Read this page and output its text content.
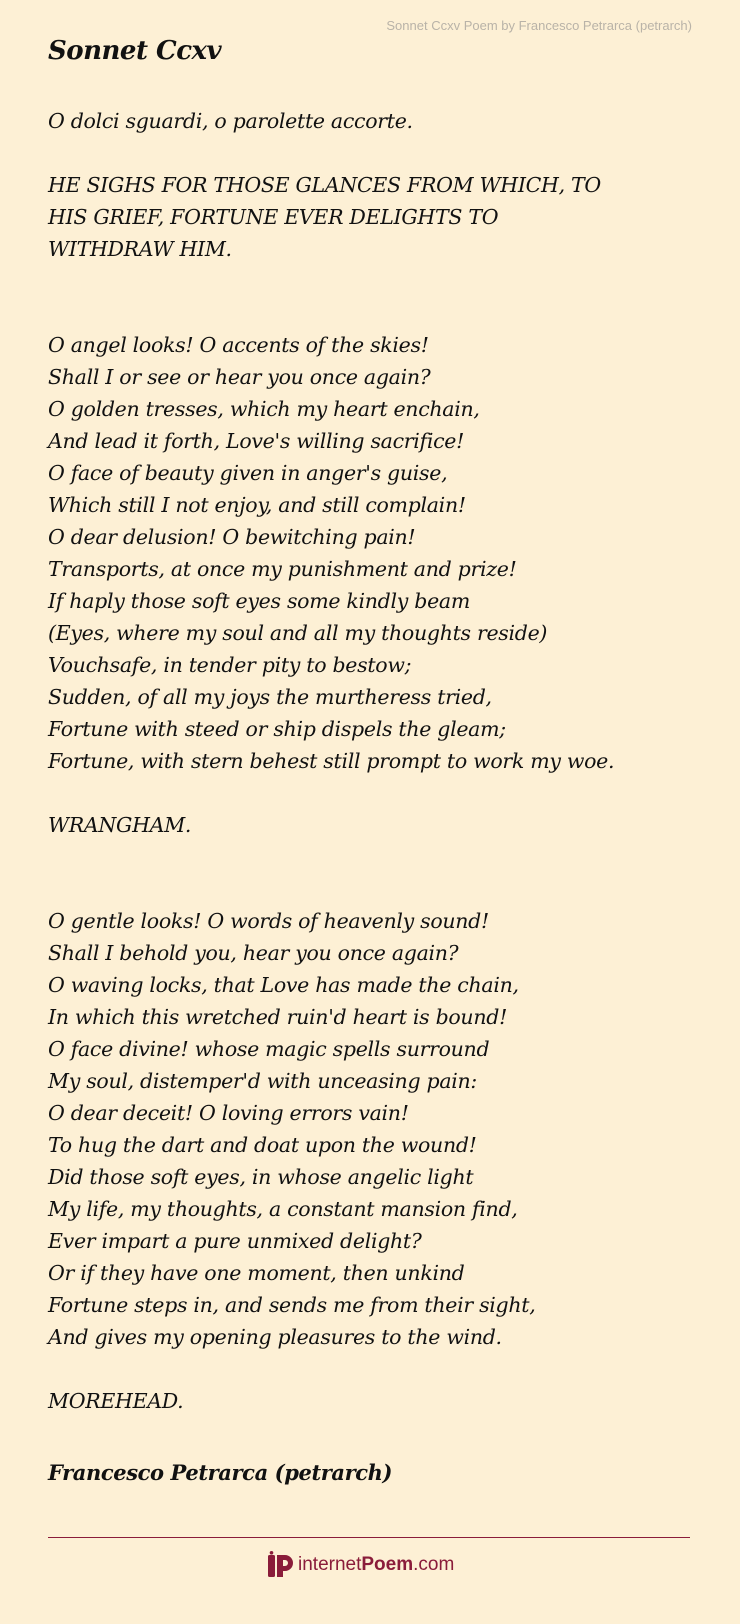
Sonnet Ccxv Poem by Francesco Petrarca (petrarch)
Sonnet Ccxv
O dolci sguardi, o parolette accorte.
HE SIGHS FOR THOSE GLANCES FROM WHICH, TO
HIS GRIEF, FORTUNE EVER DELIGHTS TO
WITHDRAW HIM.
O angel looks! O accents of the skies!
Shall I or see or hear you once again?
O golden tresses, which my heart enchain,
And lead it forth, Love's willing sacrifice!
O face of beauty given in anger's guise,
Which still I not enjoy, and still complain!
O dear delusion! O bewitching pain!
Transports, at once my punishment and prize!
If haply those soft eyes some kindly beam
(Eyes, where my soul and all my thoughts reside)
Vouchsafe, in tender pity to bestow;
Sudden, of all my joys the murtheress tried,
Fortune with steed or ship dispels the gleam;
Fortune, with stern behest still prompt to work my woe.
WRANGHAM.
O gentle looks! O words of heavenly sound!
Shall I behold you, hear you once again?
O waving locks, that Love has made the chain,
In which this wretched ruin'd heart is bound!
O face divine! whose magic spells surround
My soul, distemper'd with unceasing pain:
O dear deceit! O loving errors vain!
To hug the dart and doat upon the wound!
Did those soft eyes, in whose angelic light
My life, my thoughts, a constant mansion find,
Ever impart a pure unmixed delight?
Or if they have one moment, then unkind
Fortune steps in, and sends me from their sight,
And gives my opening pleasures to the wind.
MOREHEAD.
Francesco Petrarca (petrarch)
internetPoem.com
